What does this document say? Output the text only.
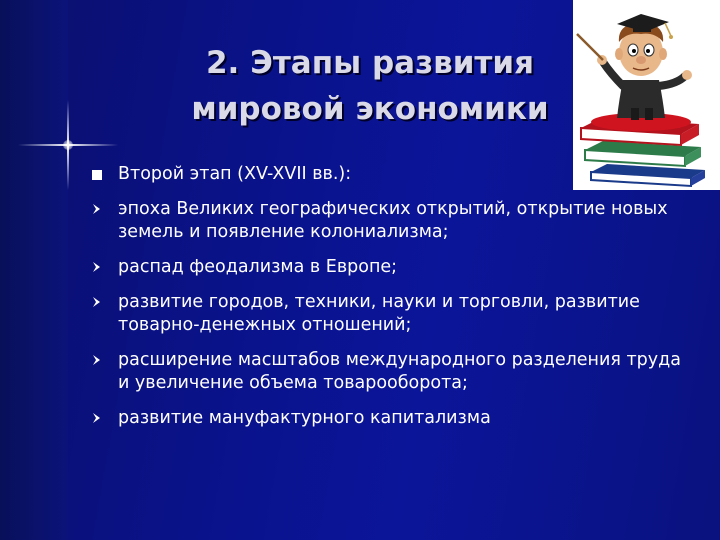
2. Этапы развития мировой экономики
Второй этап (XV-XVII вв.):
эпоха Великих географических открытий, открытие новых земель и появление колониализма;
распад феодализма в Европе;
развитие городов, техники, науки и торговли, развитие товарно-денежных отношений;
расширение масштабов международного разделения труда и увеличение объема товарооборота;
развитие мануфактурного капитализма
